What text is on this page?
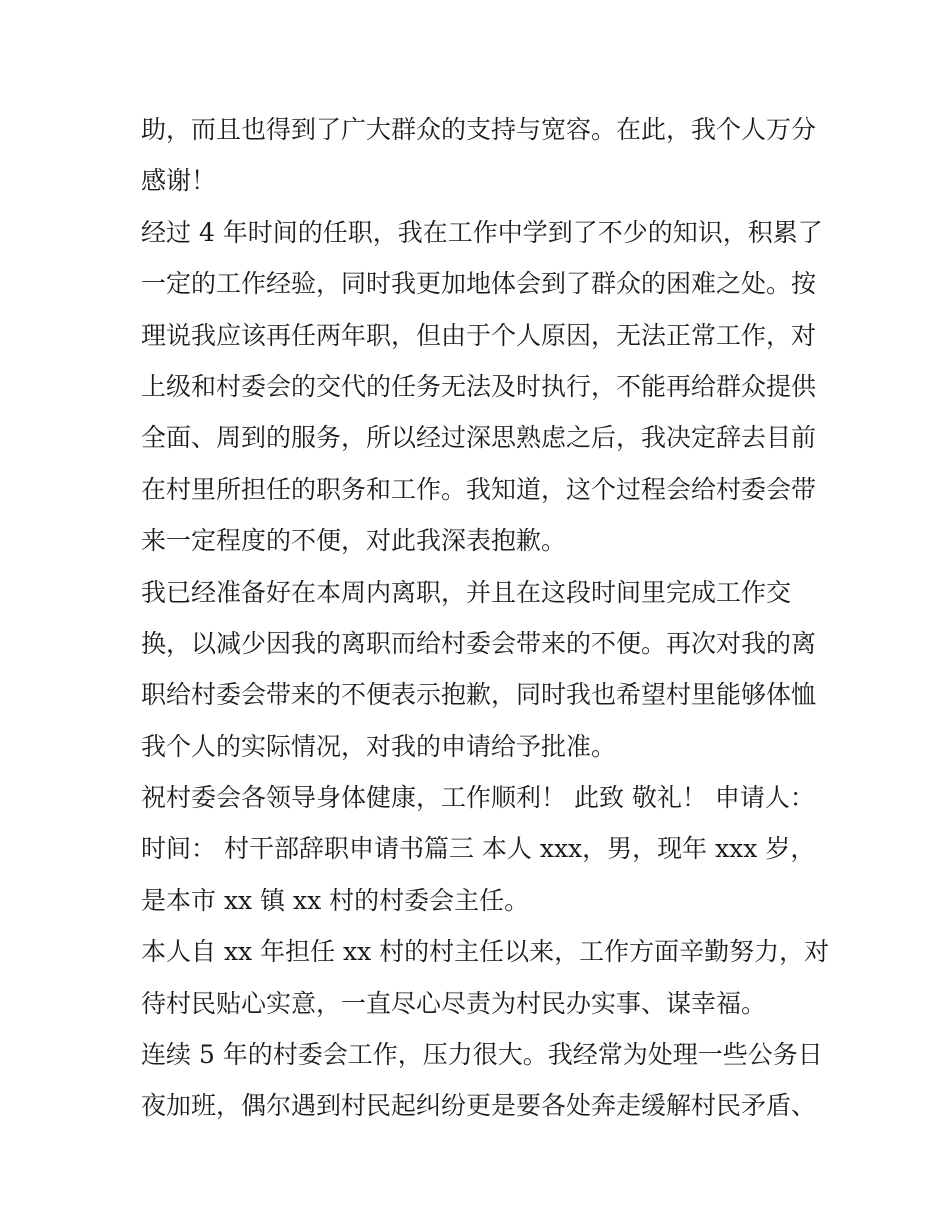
助，而且也得到了广大群众的支持与宽容。在此，我个人万分
感谢！
经过 4 年时间的任职，我在工作中学到了不少的知识，积累了
一定的工作经验，同时我更加地体会到了群众的困难之处。按
理说我应该再任两年职，但由于个人原因，无法正常工作，对
上级和村委会的交代的任务无法及时执行，不能再给群众提供
全面、周到的服务，所以经过深思熟虑之后，我决定辞去目前
在村里所担任的职务和工作。我知道，这个过程会给村委会带
来一定程度的不便，对此我深表抱歉。
我已经准备好在本周内离职，并且在这段时间里完成工作交
换，以减少因我的离职而给村委会带来的不便。再次对我的离
职给村委会带来的不便表示抱歉，同时我也希望村里能够体恤
我个人的实际情况，对我的申请给予批准。
祝村委会各领导身体健康，工作顺利！ 此致 敬礼！ 申请人：
时间： 村干部辞职申请书篇三 本人 xxx，男，现年 xxx 岁，
是本市 xx 镇 xx 村的村委会主任。
本人自 xx 年担任 xx 村的村主任以来，工作方面辛勤努力，对
待村民贴心实意，一直尽心尽责为村民办实事、谋幸福。
连续 5 年的村委会工作，压力很大。我经常为处理一些公务日
夜加班，偶尔遇到村民起纠纷更是要各处奔走缓解村民矛盾、
